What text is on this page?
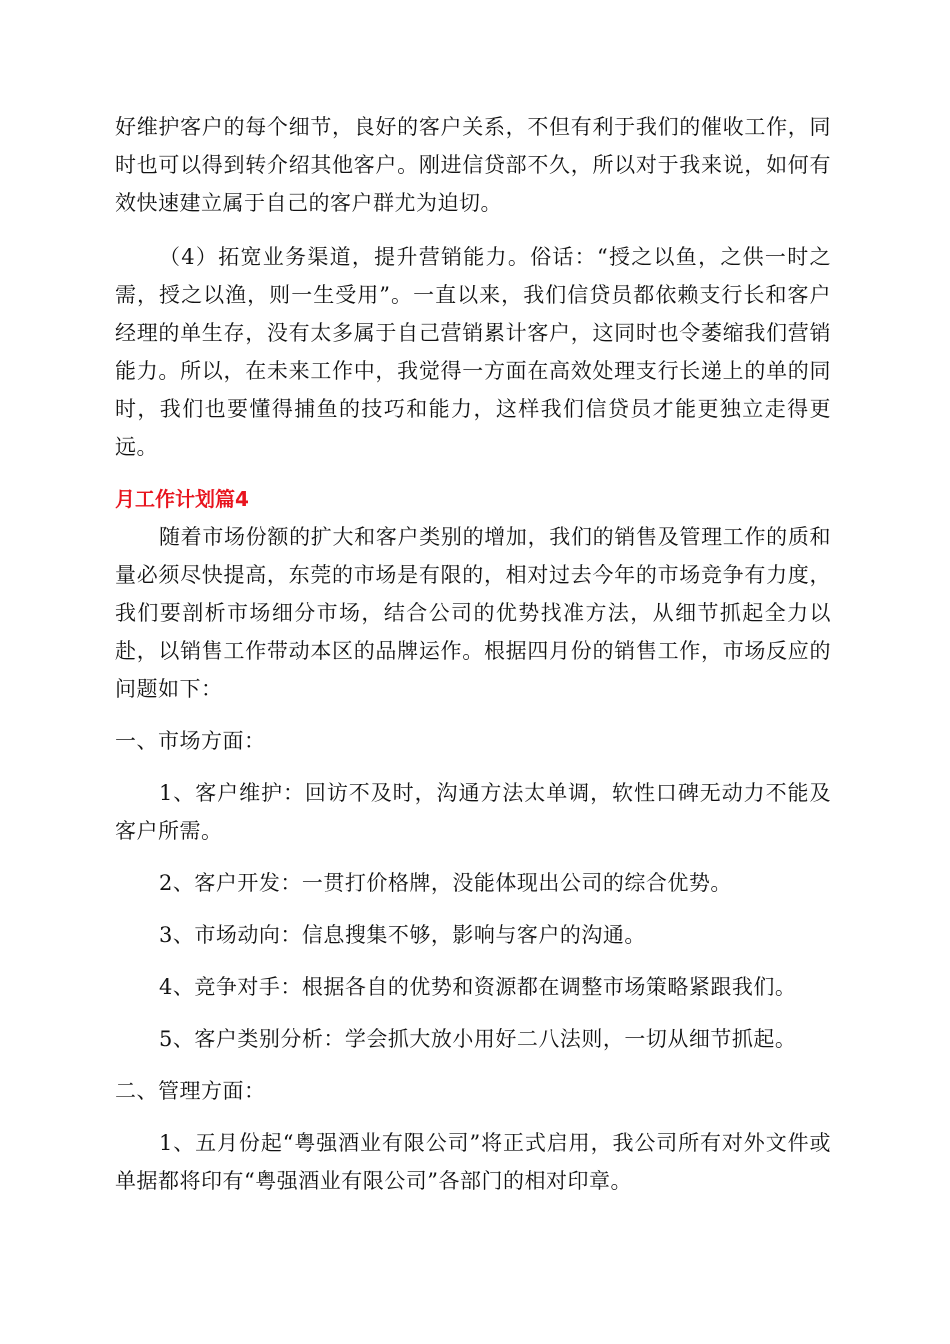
好维护客户的每个细节，良好的客户关系，不但有利于我们的催收工作，同时也可以得到转介绍其他客户。刚进信贷部不久，所以对于我来说，如何有效快速建立属于自己的客户群尤为迫切。

（4）拓宽业务渠道，提升营销能力。俗话：“授之以鱼，之供一时之需，授之以渔，则一生受用”。一直以来，我们信贷员都依赖支行长和客户经理的单生存，没有太多属于自己营销累计客户，这同时也令萎缩我们营销能力。所以，在未来工作中，我觉得一方面在高效处理支行长递上的单的同时，我们也要懂得捕鱼的技巧和能力，这样我们信贷员才能更独立走得更远。

月工作计划篇4

随着市场份额的扩大和客户类别的增加，我们的销售及管理工作的质和量必须尽快提高，东莞的市场是有限的，相对过去今年的市场竞争有力度，我们要剖析市场细分市场，结合公司的优势找准方法，从细节抓起全力以赴，以销售工作带动本区的品牌运作。根据四月份的销售工作，市场反应的问题如下：

一、市场方面：

1、客户维护：回访不及时，沟通方法太单调，软性口碑无动力不能及客户所需。

2、客户开发：一贯打价格牌，没能体现出公司的综合优势。

3、市场动向：信息搜集不够，影响与客户的沟通。

4、竞争对手：根据各自的优势和资源都在调整市场策略紧跟我们。

5、客户类别分析：学会抓大放小用好二八法则，一切从细节抓起。

二、管理方面：

1、五月份起“粤强酒业有限公司”将正式启用，我公司所有对外文件或单据都将印有“粤强酒业有限公司”各部门的相对印章。
